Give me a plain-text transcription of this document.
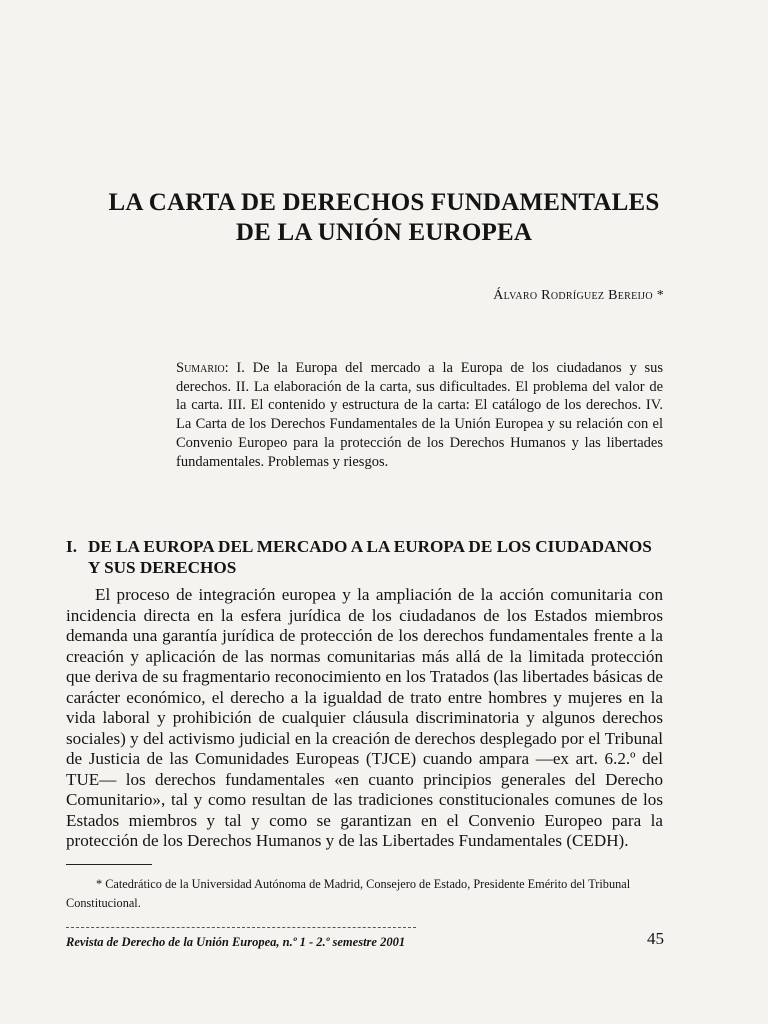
LA CARTA DE DERECHOS FUNDAMENTALES
DE LA UNIÓN EUROPEA
Álvaro Rodríguez Bereijo *

Sumario: I. De la Europa del mercado a la Europa de los ciudadanos y sus derechos. II. La elaboración de la carta, sus dificultades. El problema del valor de la carta. III. El contenido y estructura de la carta: El catálogo de los derechos. IV. La Carta de los Derechos Fundamentales de la Unión Europea y su relación con el Convenio Europeo para la protección de los Derechos Humanos y las libertades fundamentales. Problemas y riesgos.

I. DE LA EUROPA DEL MERCADO A LA EUROPA DE LOS CIUDADANOS
Y SUS DERECHOS

El proceso de integración europea y la ampliación de la acción comunitaria con incidencia directa en la esfera jurídica de los ciudadanos de los Estados miembros demanda una garantía jurídica de protección de los derechos fundamentales frente a la creación y aplicación de las normas comunitarias más allá de la limitada protección que deriva de su fragmentario reconocimiento en los Tratados (las libertades básicas de carácter económico, el derecho a la igualdad de trato entre hombres y mujeres en la vida laboral y prohibición de cualquier cláusula discriminatoria y algunos derechos sociales) y del activismo judicial en la creación de derechos desplegado por el Tribunal de Justicia de las Comunidades Europeas (TJCE) cuando ampara —ex art. 6.2.º del TUE— los derechos fundamentales «en cuanto principios generales del Derecho Comunitario», tal y como resultan de las tradiciones constitucionales comunes de los Estados miembros y tal y como se garantizan en el Convenio Europeo para la protección de los Derechos Humanos y de las Libertades Fundamentales (CEDH).

* Catedrático de la Universidad Autónoma de Madrid, Consejero de Estado, Presidente Emérito del Tribunal Constitucional.

Revista de Derecho de la Unión Europea, n.º 1 - 2.º semestre 2001	45
